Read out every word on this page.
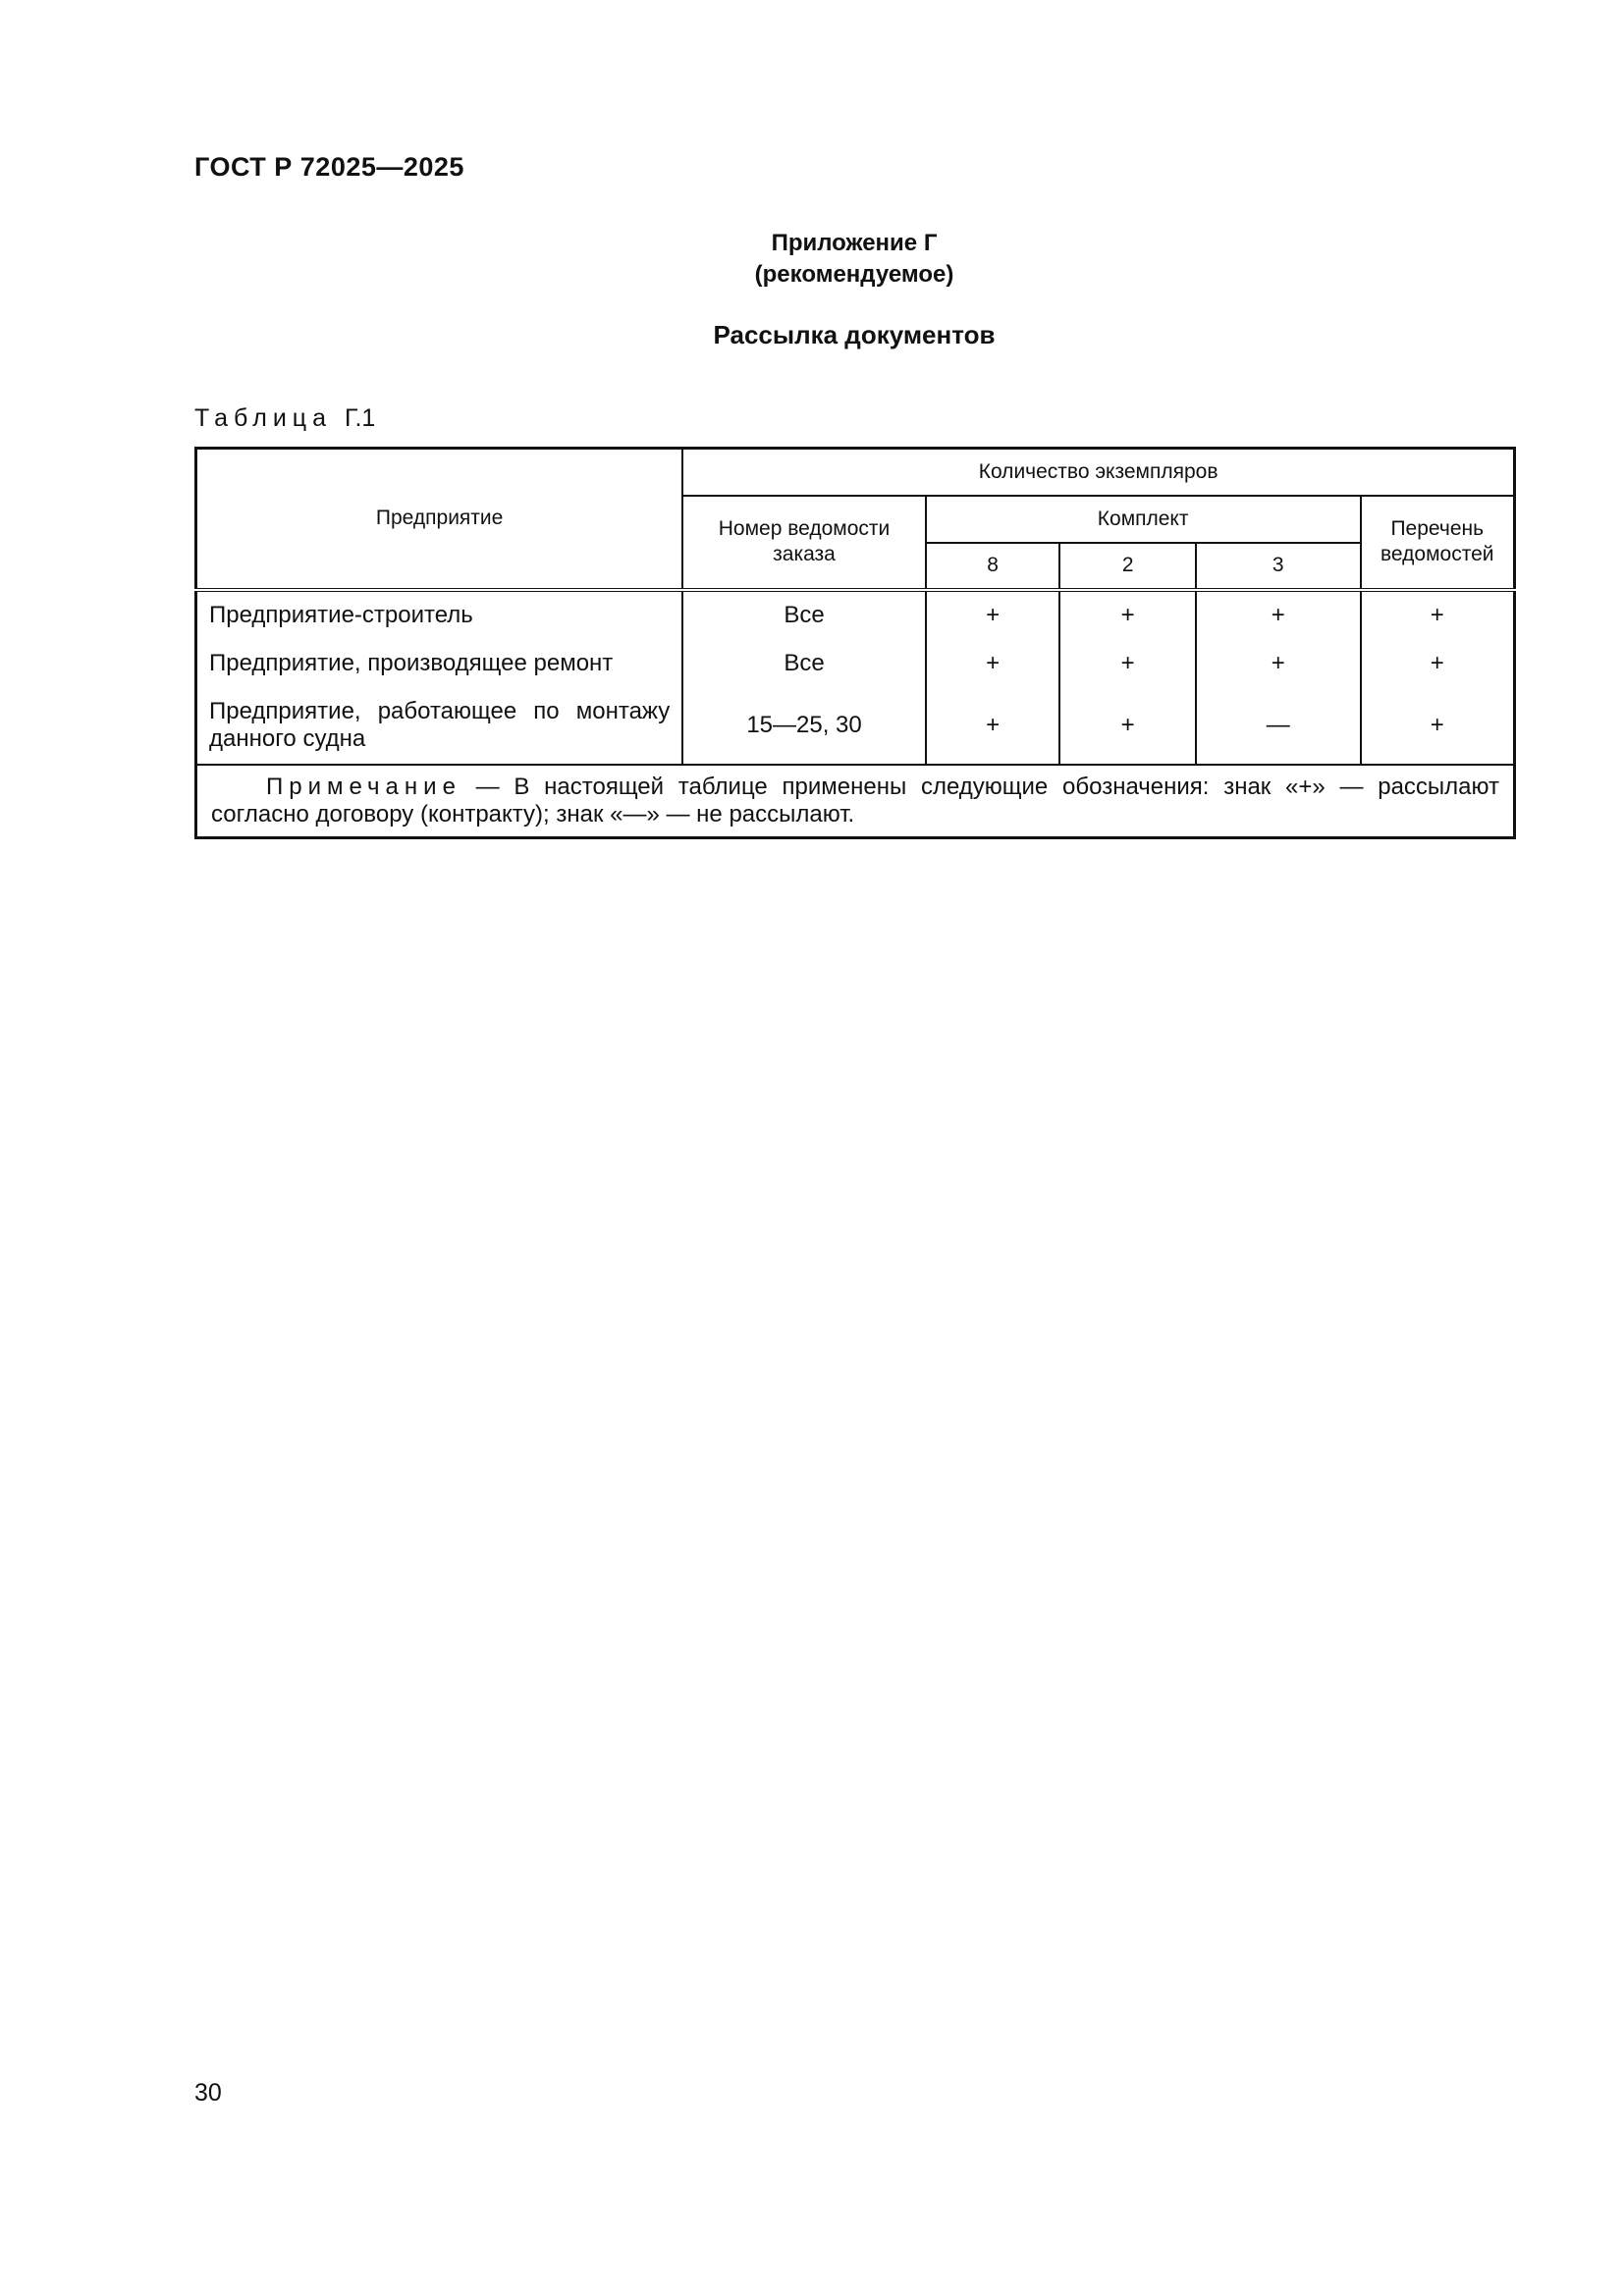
ГОСТ Р 72025—2025
Приложение Г
(рекомендуемое)
Рассылка документов
Таблица Г.1
Предприятие	Количество экземпляров				
	Номер ведомости заказа	Комплект			Перечень ведомостей
		8	2	3	
Предприятие-строитель	Все	+	+	+	+
Предприятие, производящее ремонт	Все	+	+	+	+
Предприятие, работающее по монтажу данного судна	15—25, 30	+	+	—	+
Примечание — В настоящей таблице применены следующие обозначения: знак «+» — рассылают согласно договору (контракту); знак «—» — не рассылают.					
30
